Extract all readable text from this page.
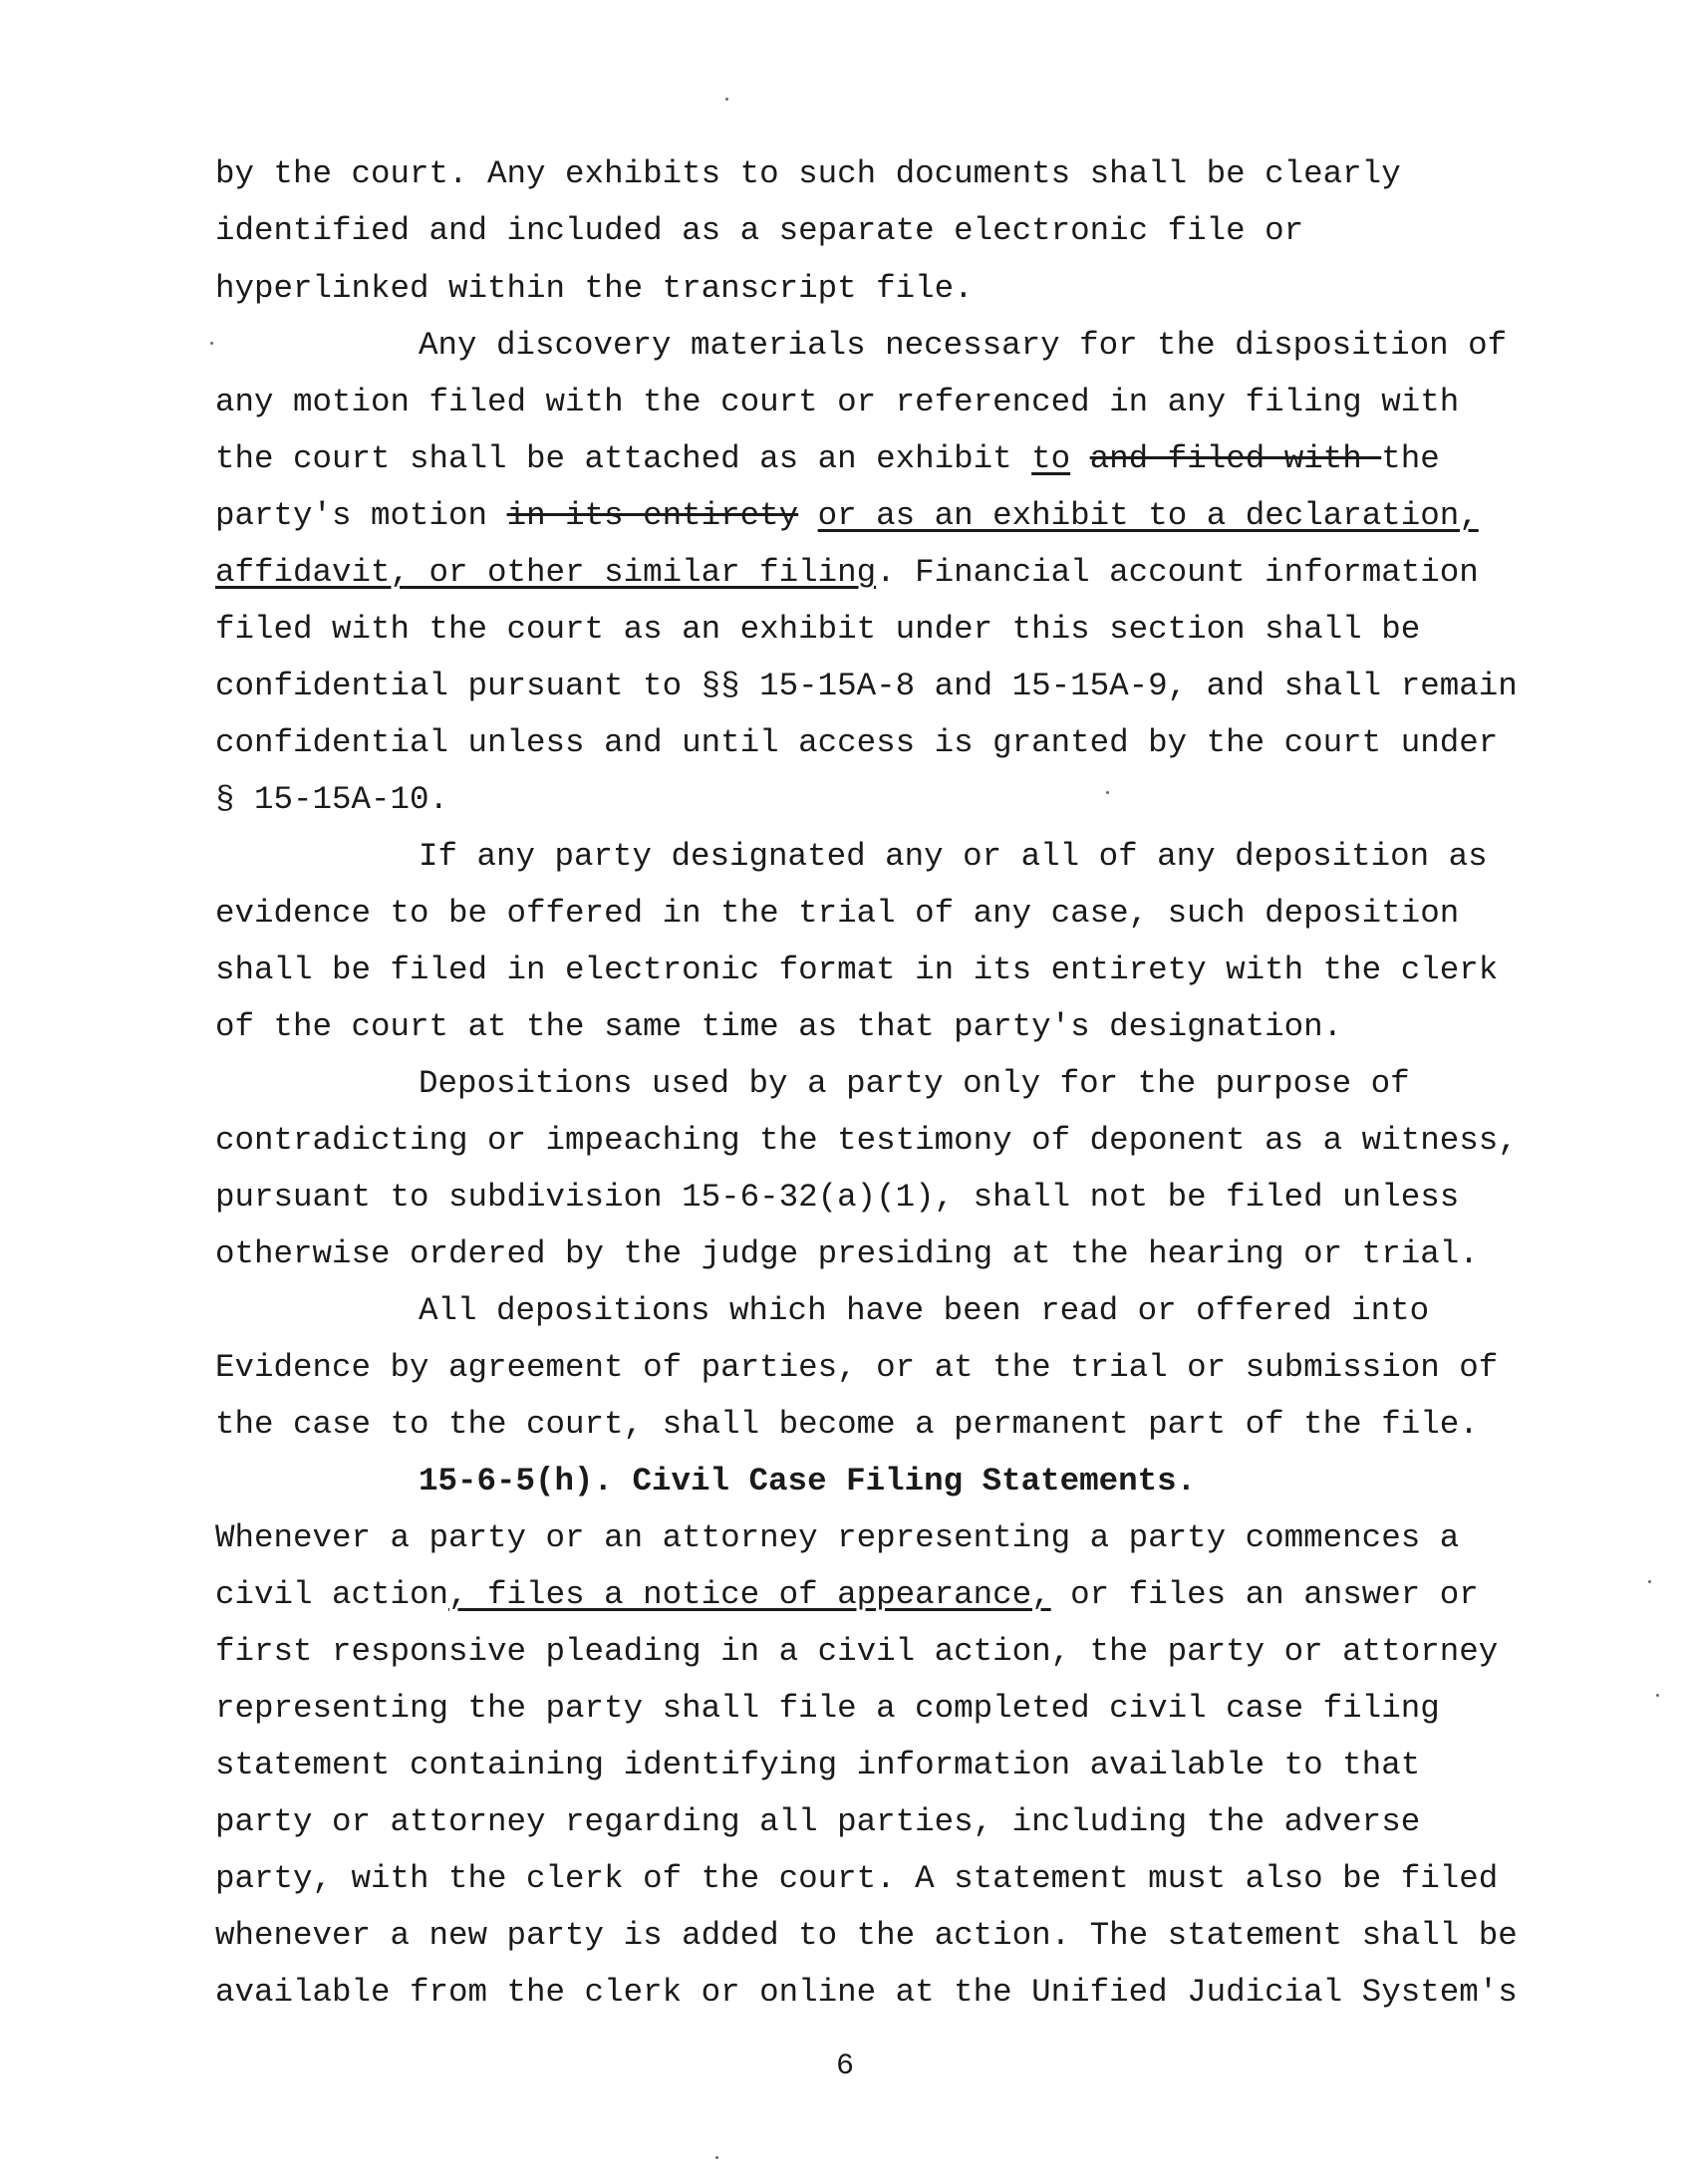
by the court. Any exhibits to such documents shall be clearly
identified and included as a separate electronic file or
hyperlinked within the transcript file.
Any discovery materials necessary for the disposition of
any motion filed with the court or referenced in any filing with
the court shall be attached as an exhibit to and filed with the
party's motion in its entirety or as an exhibit to a declaration,
affidavit, or other similar filing. Financial account information
filed with the court as an exhibit under this section shall be
confidential pursuant to §§ 15-15A-8 and 15-15A-9, and shall remain
confidential unless and until access is granted by the court under
§ 15-15A-10.
If any party designated any or all of any deposition as
evidence to be offered in the trial of any case, such deposition
shall be filed in electronic format in its entirety with the clerk
of the court at the same time as that party's designation.
Depositions used by a party only for the purpose of
contradicting or impeaching the testimony of deponent as a witness,
pursuant to subdivision 15-6-32(a)(1), shall not be filed unless
otherwise ordered by the judge presiding at the hearing or trial.
All depositions which have been read or offered into
Evidence by agreement of parties, or at the trial or submission of
the case to the court, shall become a permanent part of the file.
15-6-5(h). Civil Case Filing Statements.
Whenever a party or an attorney representing a party commences a
civil action, files a notice of appearance, or files an answer or
first responsive pleading in a civil action, the party or attorney
representing the party shall file a completed civil case filing
statement containing identifying information available to that
party or attorney regarding all parties, including the adverse
party, with the clerk of the court. A statement must also be filed
whenever a new party is added to the action. The statement shall be
available from the clerk or online at the Unified Judicial System's
6
